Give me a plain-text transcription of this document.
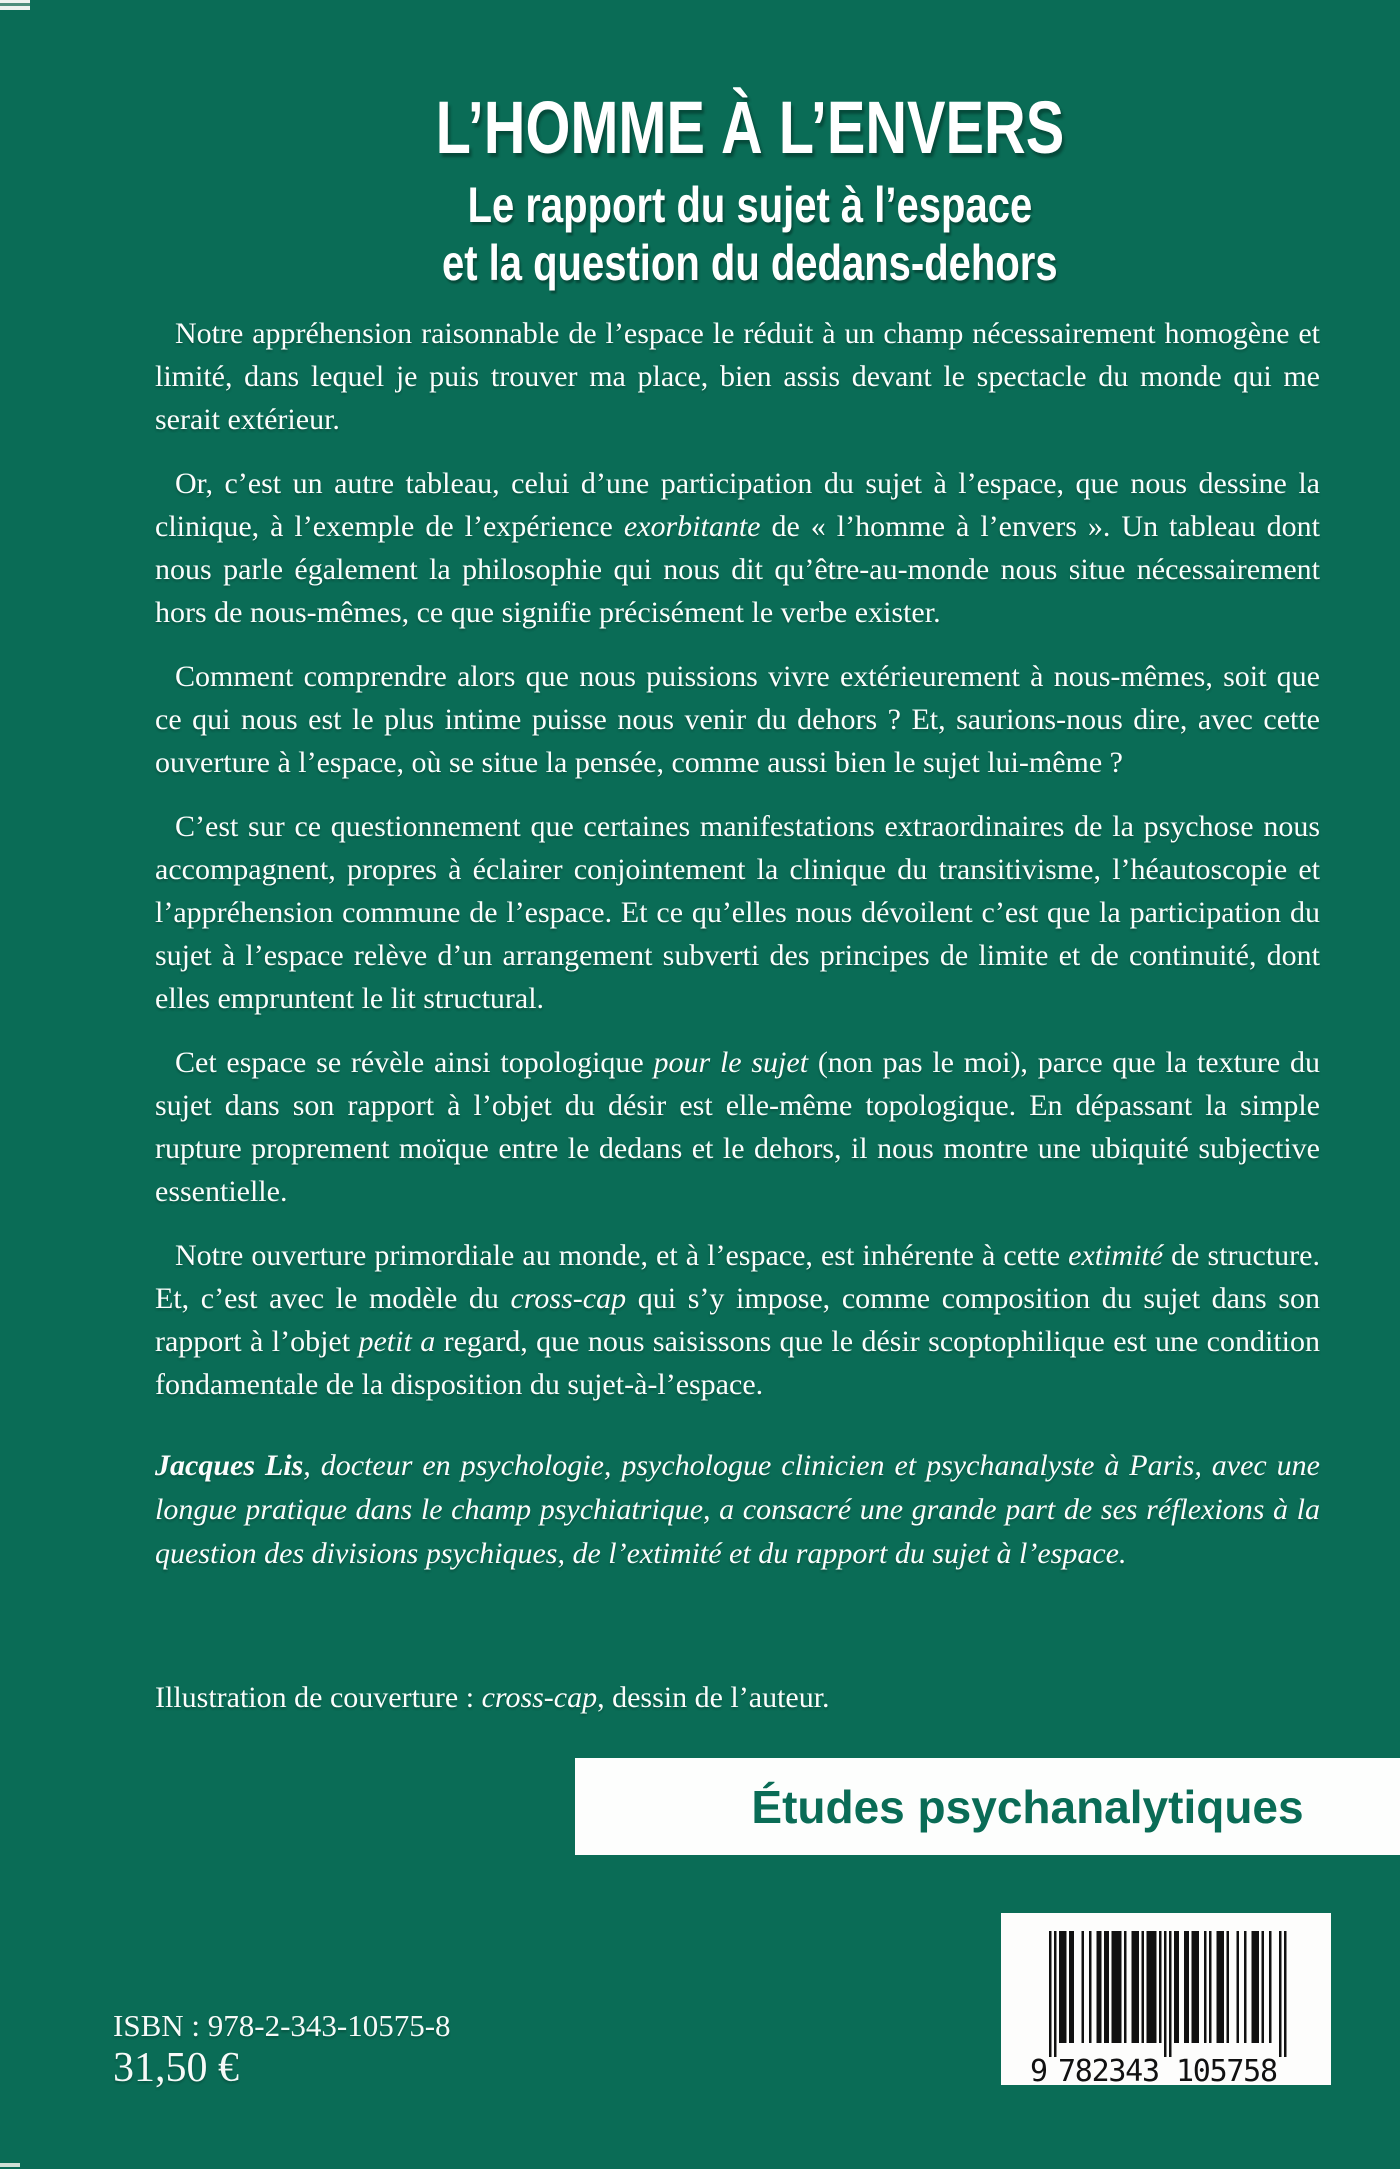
L’HOMME À L’ENVERS
Le rapport du sujet à l’espace
et la question du dedans-dehors

Notre appréhension raisonnable de l’espace le réduit à un champ nécessairement homogène et limité, dans lequel je puis trouver ma place, bien assis devant le spectacle du monde qui me serait extérieur.

Or, c’est un autre tableau, celui d’une participation du sujet à l’espace, que nous dessine la clinique, à l’exemple de l’expérience exorbitante de « l’homme à l’envers ». Un tableau dont nous parle également la philosophie qui nous dit qu’être-au-monde nous situe nécessairement hors de nous-mêmes, ce que signifie précisément le verbe exister.

Comment comprendre alors que nous puissions vivre extérieurement à nous-mêmes, soit que ce qui nous est le plus intime puisse nous venir du dehors ? Et, saurions-nous dire, avec cette ouverture à l’espace, où se situe la pensée, comme aussi bien le sujet lui-même ?

C’est sur ce questionnement que certaines manifestations extraordinaires de la psychose nous accompagnent, propres à éclairer conjointement la clinique du transitivisme, l’héautoscopie et l’appréhension commune de l’espace. Et ce qu’elles nous dévoilent c’est que la participation du sujet à l’espace relève d’un arrangement subverti des principes de limite et de continuité, dont elles empruntent le lit structural.

Cet espace se révèle ainsi topologique pour le sujet (non pas le moi), parce que la texture du sujet dans son rapport à l’objet du désir est elle-même topologique. En dépassant la simple rupture proprement moïque entre le dedans et le dehors, il nous montre une ubiquité subjective essentielle.

Notre ouverture primordiale au monde, et à l’espace, est inhérente à cette extimité de structure. Et, c’est avec le modèle du cross-cap qui s’y impose, comme composition du sujet dans son rapport à l’objet petit a regard, que nous saisissons que le désir scoptophilique est une condition fondamentale de la disposition du sujet-à-l’espace.

Jacques Lis, docteur en psychologie, psychologue clinicien et psychanalyste à Paris, avec une longue pratique dans le champ psychiatrique, a consacré une grande part de ses réflexions à la question des divisions psychiques, de l’extimité et du rapport du sujet à l’espace.

Illustration de couverture : cross-cap, dessin de l’auteur.

Études psychanalytiques
ISBN : 978-2-343-10575-8
31,50 €	9 782343 105758
